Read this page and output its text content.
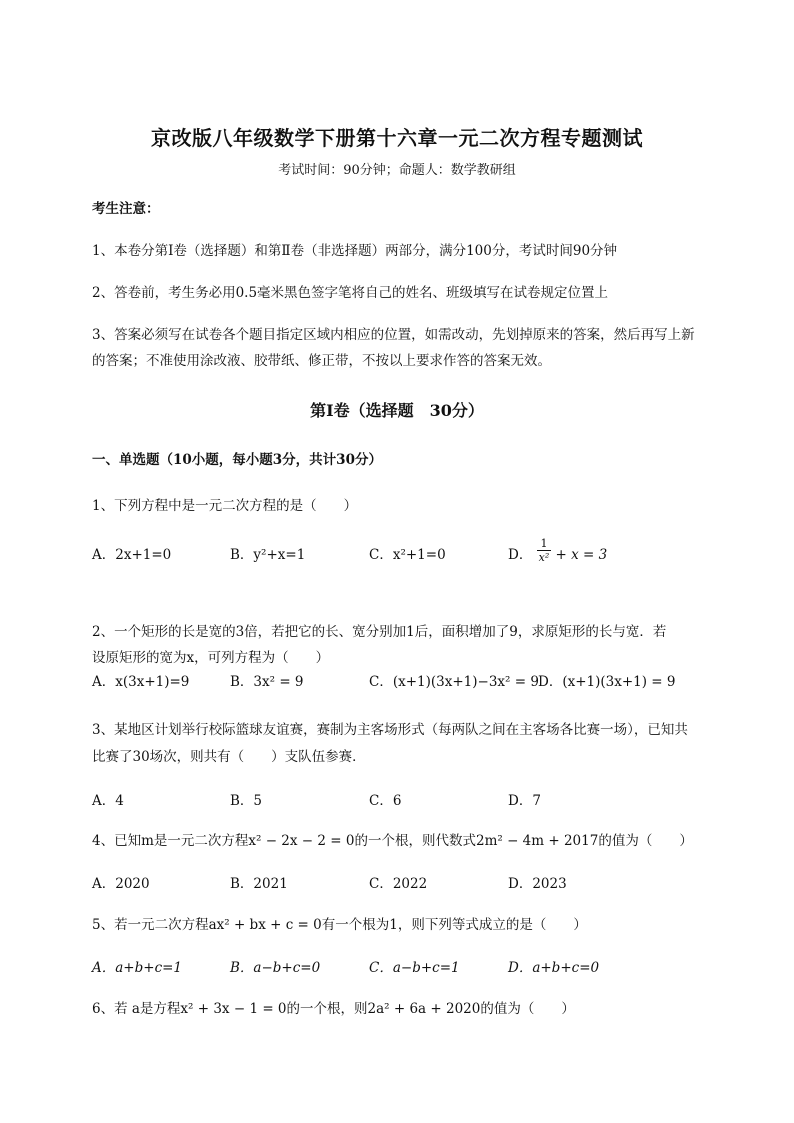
京改版八年级数学下册第十六章一元二次方程专题测试
考试时间：90分钟；命题人：数学教研组
考生注意：
1、本卷分第I卷（选择题）和第Ⅱ卷（非选择题）两部分，满分100分，考试时间90分钟
2、答卷前，考生务必用0.5毫米黑色签字笔将自己的姓名、班级填写在试卷规定位置上
3、答案必须写在试卷各个题目指定区域内相应的位置，如需改动，先划掉原来的答案，然后再写上新
的答案；不准使用涂改液、胶带纸、修正带，不按以上要求作答的答案无效。
第I卷（选择题　30分）
一、单选题（10小题，每小题3分，共计30分）
1、下列方程中是一元二次方程的是（　　）
A．2x+1=0	B．y²+x=1	C．x²+1=0	D． $\frac{1}{\text{x²}} + x = 3$
2、一个矩形的长是宽的3倍，若把它的长、宽分别加1后，面积增加了9，求原矩形的长与宽．若
设原矩形的宽为x，可列方程为（　　）
A．x(3x+1)=9	B．3x² = 9	C．(x+1)(3x+1)−3x² = 9 D．(x+1)(3x+1) = 9
3、某地区计划举行校际篮球友谊赛，赛制为主客场形式（每两队之间在主客场各比赛一场），已知共
比赛了30场次，则共有（　　）支队伍参赛．
A．4	B．5	C．6	D．7
4、已知m是一元二次方程x² − 2x − 2 = 0的一个根，则代数式2m² − 4m + 2017的值为（　　）
A．2020	B．2021	C．2022	D．2023
5、若一元二次方程ax² + bx + c = 0有一个根为1，则下列等式成立的是（　　）
A．a+b+c=1	B．a−b+c=0	C．a−b+c=1	D．a+b+c=0
6、若 a是方程x² + 3x − 1 = 0的一个根，则2a² + 6a + 2020的值为（　　）
